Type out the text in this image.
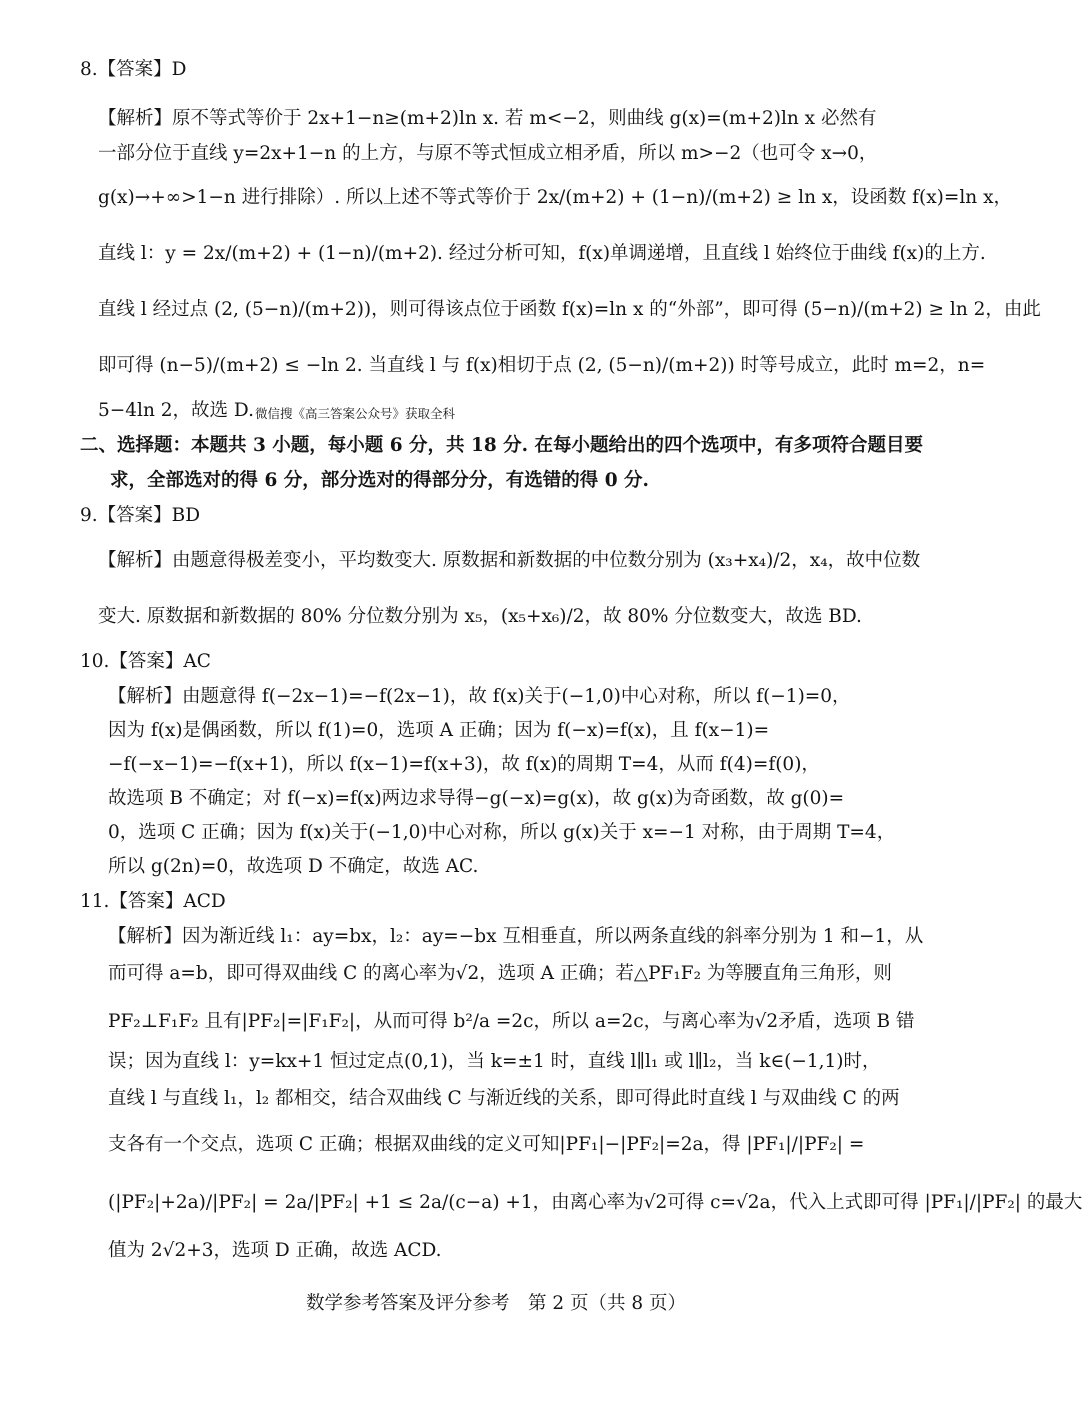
8.【答案】D
【解析】原不等式等价于 2x+1−n≥(m+2)ln x. 若 m<−2，则曲线 g(x)=(m+2)ln x 必然有
一部分位于直线 y=2x+1−n 的上方，与原不等式恒成立相矛盾，所以 m>−2（也可令 x→0，
g(x)→+∞>1−n 进行排除）. 所以上述不等式等价于 2x/(m+2) + (1−n)/(m+2) ≥ ln x，设函数 f(x)=ln x，
直线 l：y = 2x/(m+2) + (1−n)/(m+2). 经过分析可知，f(x)单调递增，且直线 l 始终位于曲线 f(x)的上方.
直线 l 经过点 (2, (5−n)/(m+2))，则可得该点位于函数 f(x)=ln x 的“外部”，即可得 (5−n)/(m+2) ≥ ln 2，由此
即可得 (n−5)/(m+2) ≤ −ln 2. 当直线 l 与 f(x)相切于点 (2, (5−n)/(m+2)) 时等号成立，此时 m=2，n=
5−4ln 2，故选 D.
二、选择题：本题共 3 小题，每小题 6 分，共 18 分. 在每小题给出的四个选项中，有多项符合题目要
求，全部选对的得 6 分，部分选对的得部分分，有选错的得 0 分.
9.【答案】BD
【解析】由题意得极差变小，平均数变大. 原数据和新数据的中位数分别为 (x₃+x₄)/2，x₄，故中位数
变大. 原数据和新数据的 80% 分位数分别为 x₅，(x₅+x₆)/2，故 80% 分位数变大，故选 BD.
10.【答案】AC
【解析】由题意得 f(−2x−1)=−f(2x−1)，故 f(x)关于(−1,0)中心对称，所以 f(−1)=0，
因为 f(x)是偶函数，所以 f(1)=0，选项 A 正确；因为 f(−x)=f(x)，且 f(x−1)=
−f(−x−1)=−f(x+1)，所以 f(x−1)=f(x+3)，故 f(x)的周期 T=4，从而 f(4)=f(0)，
故选项 B 不确定；对 f(−x)=f(x)两边求导得−g(−x)=g(x)，故 g(x)为奇函数，故 g(0)=
0，选项 C 正确；因为 f(x)关于(−1,0)中心对称，所以 g(x)关于 x=−1 对称，由于周期 T=4，
所以 g(2n)=0，故选项 D 不确定，故选 AC.
11.【答案】ACD
【解析】因为渐近线 l₁：ay=bx，l₂：ay=−bx 互相垂直，所以两条直线的斜率分别为 1 和−1，从
而可得 a=b，即可得双曲线 C 的离心率为√2，选项 A 正确；若△PF₁F₂ 为等腰直角三角形，则
PF₂⊥F₁F₂ 且有|PF₂|=|F₁F₂|，从而可得 b²/a =2c，所以 a=2c，与离心率为√2矛盾，选项 B 错
误；因为直线 l：y=kx+1 恒过定点(0,1)，当 k=±1 时，直线 l∥l₁ 或 l∥l₂，当 k∈(−1,1)时，
直线 l 与直线 l₁，l₂ 都相交，结合双曲线 C 与渐近线的关系，即可得此时直线 l 与双曲线 C 的两
支各有一个交点，选项 C 正确；根据双曲线的定义可知|PF₁|−|PF₂|=2a，得 |PF₁|/|PF₂| =
(|PF₂|+2a)/|PF₂| = 2a/|PF₂| +1 ≤ 2a/(c−a) +1，由离心率为√2可得 c=√2a，代入上式即可得 |PF₁|/|PF₂| 的最大
值为 2√2+3，选项 D 正确，故选 ACD.
微信搜《高三答案公众号》获取全科
数学参考答案及评分参考　第 2 页（共 8 页）
